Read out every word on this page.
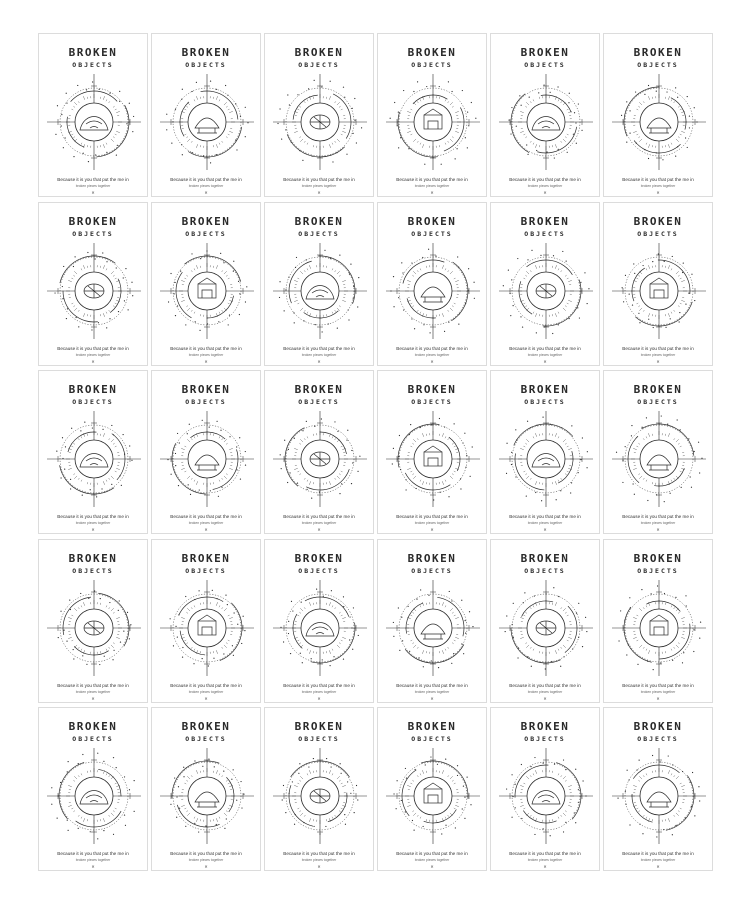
BROKEN
OBJECTS
Because it is you that put the me in
broken pieces together
✕
BROKEN
OBJECTS
Because it is you that put the me in
broken pieces together
✕
BROKEN
OBJECTS
Because it is you that put the me in
broken pieces together
✕
BROKEN
OBJECTS
Because it is you that put the me in
broken pieces together
✕
BROKEN
OBJECTS
Because it is you that put the me in
broken pieces together
✕
BROKEN
OBJECTS
Because it is you that put the me in
broken pieces together
✕
BROKEN
OBJECTS
Because it is you that put the me in
broken pieces together
✕
BROKEN
OBJECTS
Because it is you that put the me in
broken pieces together
✕
BROKEN
OBJECTS
Because it is you that put the me in
broken pieces together
✕
BROKEN
OBJECTS
Because it is you that put the me in
broken pieces together
✕
BROKEN
OBJECTS
Because it is you that put the me in
broken pieces together
✕
BROKEN
OBJECTS
Because it is you that put the me in
broken pieces together
✕
BROKEN
OBJECTS
Because it is you that put the me in
broken pieces together
✕
BROKEN
OBJECTS
Because it is you that put the me in
broken pieces together
✕
BROKEN
OBJECTS
Because it is you that put the me in
broken pieces together
✕
BROKEN
OBJECTS
Because it is you that put the me in
broken pieces together
✕
BROKEN
OBJECTS
Because it is you that put the me in
broken pieces together
✕
BROKEN
OBJECTS
Because it is you that put the me in
broken pieces together
✕
BROKEN
OBJECTS
Because it is you that put the me in
broken pieces together
✕
BROKEN
OBJECTS
Because it is you that put the me in
broken pieces together
✕
BROKEN
OBJECTS
Because it is you that put the me in
broken pieces together
✕
BROKEN
OBJECTS
Because it is you that put the me in
broken pieces together
✕
BROKEN
OBJECTS
Because it is you that put the me in
broken pieces together
✕
BROKEN
OBJECTS
Because it is you that put the me in
broken pieces together
✕
BROKEN
OBJECTS
Because it is you that put the me in
broken pieces together
✕
BROKEN
OBJECTS
Because it is you that put the me in
broken pieces together
✕
BROKEN
OBJECTS
Because it is you that put the me in
broken pieces together
✕
BROKEN
OBJECTS
Because it is you that put the me in
broken pieces together
✕
BROKEN
OBJECTS
Because it is you that put the me in
broken pieces together
✕
BROKEN
OBJECTS
Because it is you that put the me in
broken pieces together
✕
